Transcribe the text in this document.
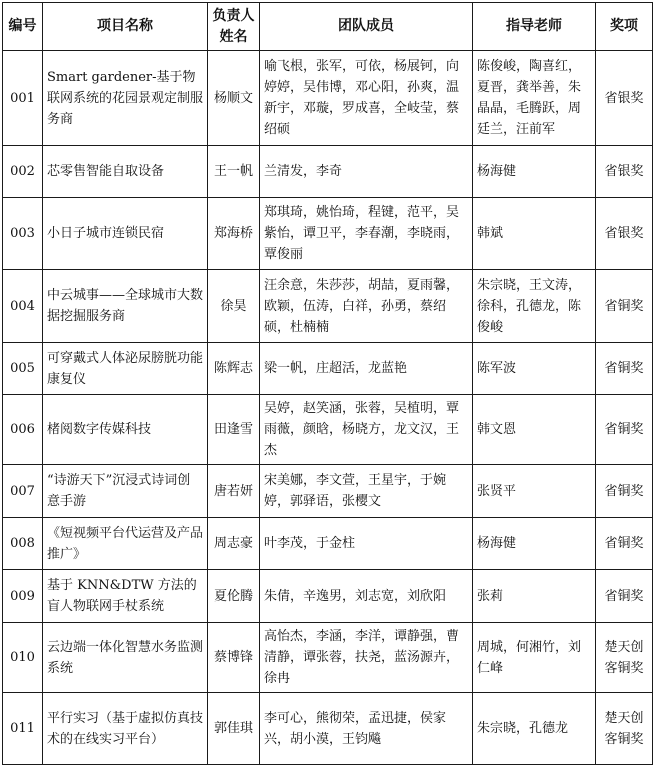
编号	项目名称	负责人姓名	团队成员	指导老师	奖项
001	Smart gardener-基于物联网系统的花园景观定制服务商	杨顺文	喻飞根，张军，可依，杨展钶，向婷婷，吴伟博，邓心阳，孙爽，温新宇，邓璇，罗成喜，全岐莹，蔡绍硕	陈俊峻，陶喜红，夏晋，龚举善，朱晶晶，毛腾跃，周廷兰，汪前军	省银奖
002	芯零售智能自取设备	王一帆	兰清发，李奇	杨海健	省银奖
003	小日子城市连锁民宿	郑海桥	郑琪琦，姚怡琦，程键，范平，吴紫怡，谭卫平，李春潮，李晓雨，覃俊丽	韩斌	省银奖
004	中云城事——全球城市大数据挖掘服务商	徐昊	汪余意，朱莎莎，胡喆，夏雨馨，欧颖，伍涛，白祥，孙勇，蔡绍硕，杜楠楠	朱宗晓，王文涛，徐科，孔德龙，陈俊峻	省铜奖
005	可穿戴式人体泌尿膀胱功能康复仪	陈辉志	梁一帆，庄超活，龙蓝艳	陈军波	省铜奖
006	楮阅数字传媒科技	田逢雪	吴婷，赵笑涵，张蓉，吴植明，覃雨薇，颜晗，杨晓方，龙文汉，王杰	韩文恩	省铜奖
007	“诗游天下”沉浸式诗词创意手游	唐若妍	宋美娜，李文萱，王星宇，于婉婷，郭驿语，张樱文	张贤平	省铜奖
008	《短视频平台代运营及产品推广》	周志豪	叶李茂，于金柱	杨海健	省铜奖
009	基于 KNN&DTW 方法的盲人物联网手杖系统	夏伦腾	朱倩，辛逸男，刘志宽，刘欣阳	张莉	省铜奖
010	云边端一体化智慧水务监测系统	蔡博锋	高怡杰，李涵，李洋，谭静强，曹清静，谭张蓉，扶尧，蓝汤源卉，徐冉	周城，何湘竹，刘仁峰	楚天创客铜奖
011	平行实习（基于虚拟仿真技术的在线实习平台）	郭佳琪	李可心，熊彻荣，孟迅捷，侯家兴，胡小漠，王钧飚	朱宗晓，孔德龙	楚天创客铜奖
